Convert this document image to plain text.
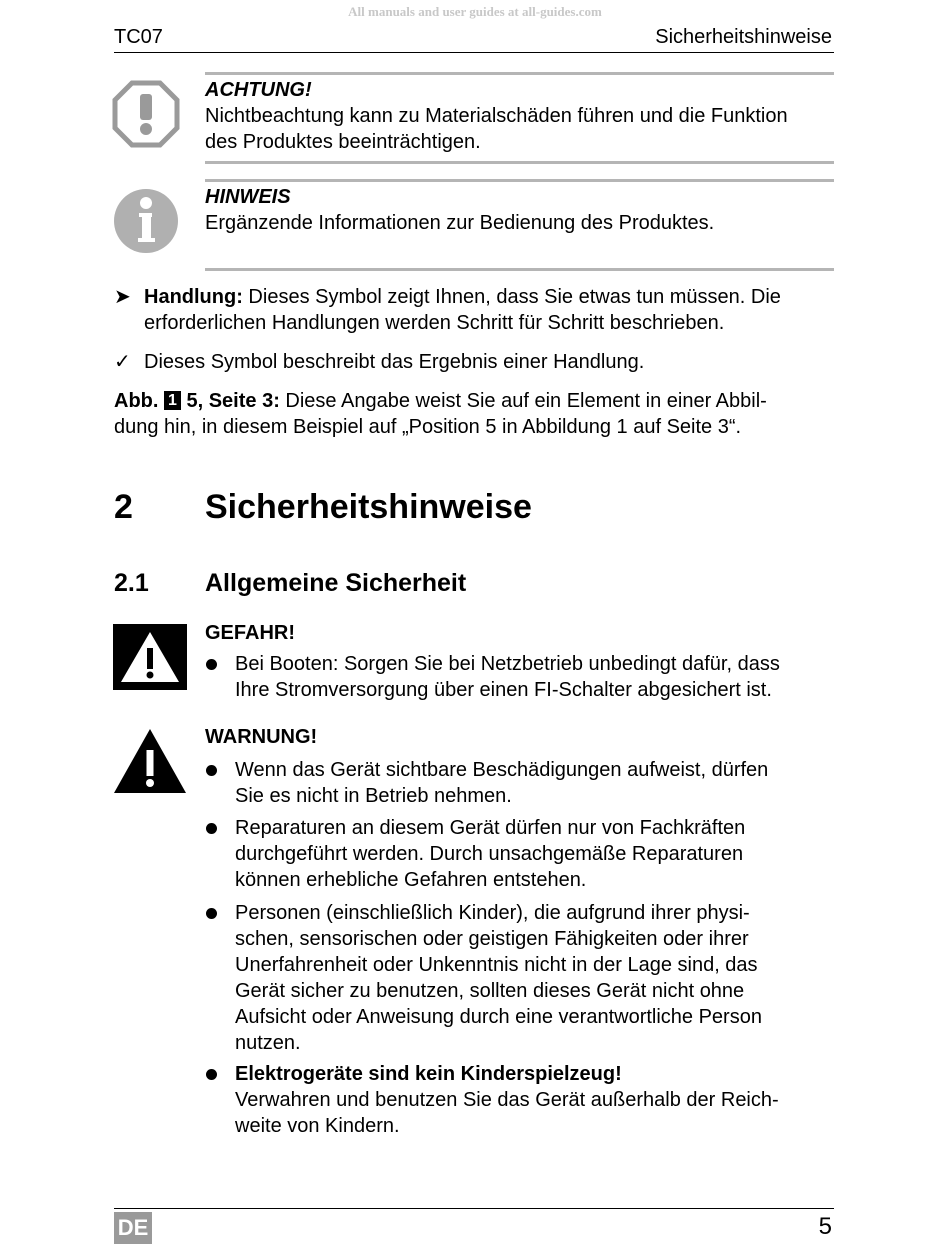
All manuals and user guides at all-guides.com
TC07	Sicherheitshinweise
ACHTUNG!
Nichtbeachtung kann zu Materialschäden führen und die Funktion
des Produktes beeinträchtigen.
HINWEIS
Ergänzende Informationen zur Bedienung des Produktes.
➤ Handlung: Dieses Symbol zeigt Ihnen, dass Sie etwas tun müssen. Die
erforderlichen Handlungen werden Schritt für Schritt beschrieben.
✓ Dieses Symbol beschreibt das Ergebnis einer Handlung.
Abb. 1 5, Seite 3: Diese Angabe weist Sie auf ein Element in einer Abbil-
dung hin, in diesem Beispiel auf „Position 5 in Abbildung 1 auf Seite 3“.
2 Sicherheitshinweise
2.1 Allgemeine Sicherheit
GEFAHR!
Bei Booten: Sorgen Sie bei Netzbetrieb unbedingt dafür, dass
Ihre Stromversorgung über einen FI-Schalter abgesichert ist.
WARNUNG!
Wenn das Gerät sichtbare Beschädigungen aufweist, dürfen
Sie es nicht in Betrieb nehmen.
Reparaturen an diesem Gerät dürfen nur von Fachkräften
durchgeführt werden. Durch unsachgemäße Reparaturen
können erhebliche Gefahren entstehen.
Personen (einschließlich Kinder), die aufgrund ihrer physi-
schen, sensorischen oder geistigen Fähigkeiten oder ihrer
Unerfahrenheit oder Unkenntnis nicht in der Lage sind, das
Gerät sicher zu benutzen, sollten dieses Gerät nicht ohne
Aufsicht oder Anweisung durch eine verantwortliche Person
nutzen.
Elektrogeräte sind kein Kinderspielzeug!
Verwahren und benutzen Sie das Gerät außerhalb der Reich-
weite von Kindern.
DE	5
